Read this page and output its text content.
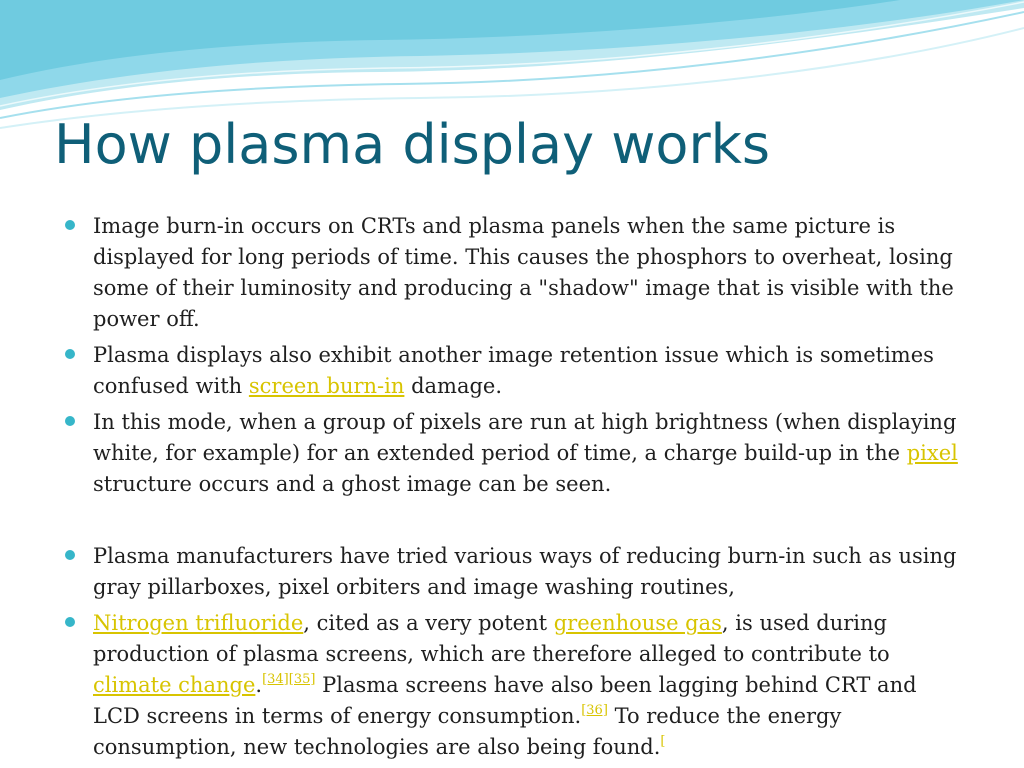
How plasma display works
Image burn-in occurs on CRTs and plasma panels when the same picture is displayed for long periods of time. This causes the phosphors to overheat, losing some of their luminosity and producing a "shadow" image that is visible with the power off.
Plasma displays also exhibit another image retention issue which is sometimes confused with screen burn-in damage.
In this mode, when a group of pixels are run at high brightness (when displaying white, for example) for an extended period of time, a charge build-up in the pixel structure occurs and a ghost image can be seen.
Plasma manufacturers have tried various ways of reducing burn-in such as using gray pillarboxes, pixel orbiters and image washing routines,
Nitrogen trifluoride, cited as a very potent greenhouse gas, is used during production of plasma screens, which are therefore alleged to contribute to climate change.[34][35] Plasma screens have also been lagging behind CRT and LCD screens in terms of energy consumption.[36] To reduce the energy consumption, new technologies are also being found.[
